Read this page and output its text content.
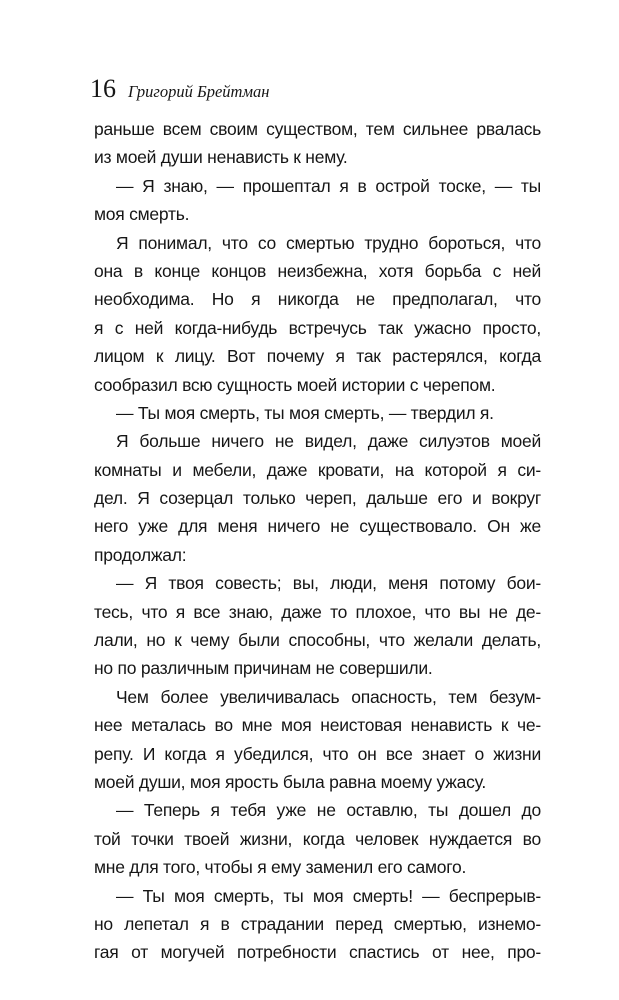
16 Григорий Брейтман
раньше всем своим существом, тем сильнее рвалась
из моей души ненависть к нему.
— Я знаю, — прошептал я в острой тоске, — ты
моя смерть.
Я понимал, что со смертью трудно бороться, что
она в конце концов неизбежна, хотя борьба с ней
необходима. Но я никогда не предполагал, что
я с ней когда-нибудь встречусь так ужасно просто,
лицом к лицу. Вот почему я так растерялся, когда
сообразил всю сущность моей истории с черепом.
— Ты моя смерть, ты моя смерть, — твердил я.
Я больше ничего не видел, даже силуэтов моей
комнаты и мебели, даже кровати, на которой я си-
дел. Я созерцал только череп, дальше его и вокруг
него уже для меня ничего не существовало. Он же
продолжал:
— Я твоя совесть; вы, люди, меня потому бои-
тесь, что я все знаю, даже то плохое, что вы не де-
лали, но к чему были способны, что желали делать,
но по различным причинам не совершили.
Чем более увеличивалась опасность, тем безум-
нее металась во мне моя неистовая ненависть к че-
репу. И когда я убедился, что он все знает о жизни
моей души, моя ярость была равна моему ужасу.
— Теперь я тебя уже не оставлю, ты дошел до
той точки твоей жизни, когда человек нуждается во
мне для того, чтобы я ему заменил его самого.
— Ты моя смерть, ты моя смерть! — беспрерыв-
но лепетал я в страдании перед смертью, изнемо-
гая от могучей потребности спастись от нее, про-
